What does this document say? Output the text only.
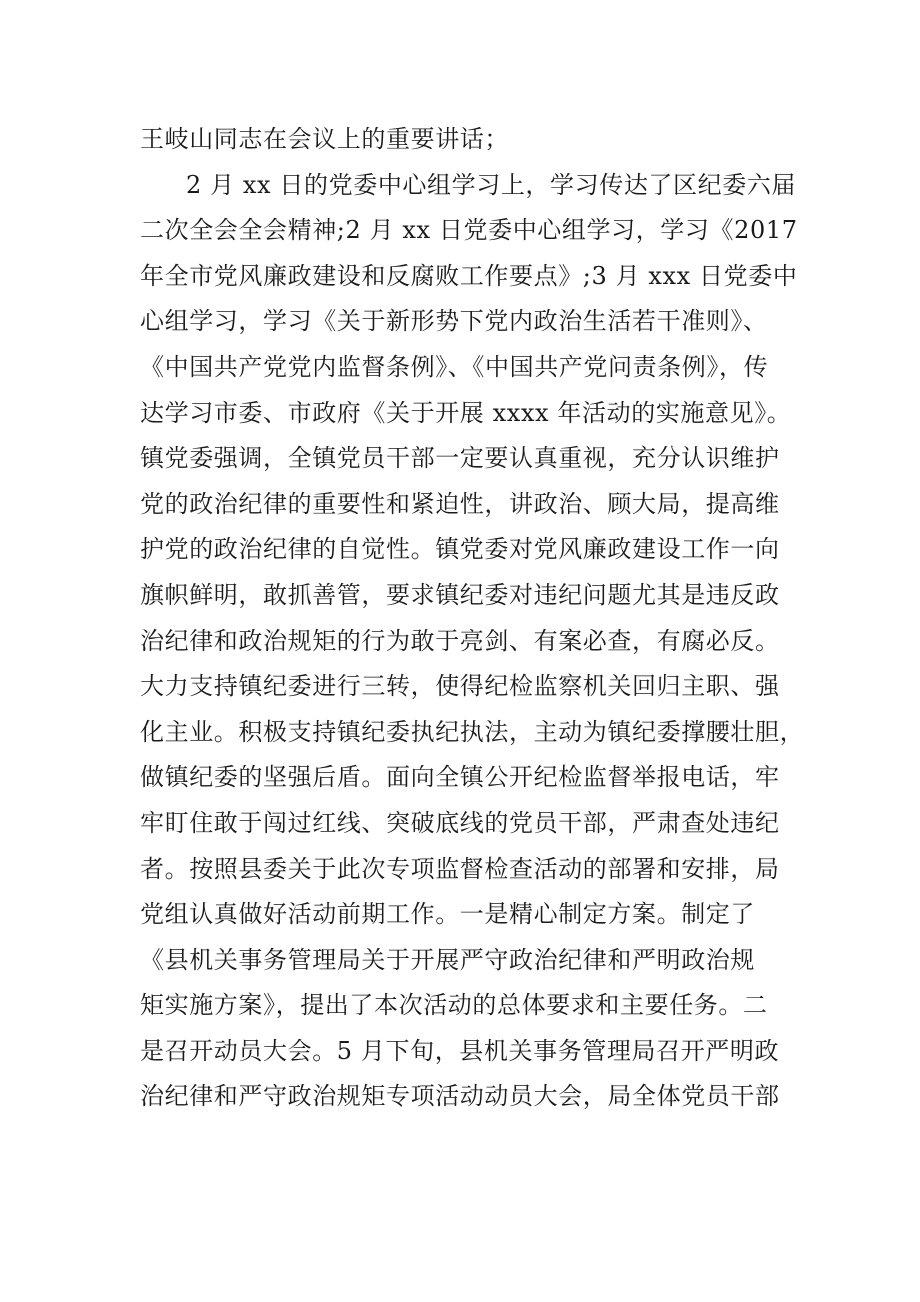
王岐山同志在会议上的重要讲话；
2 月 xx 日的党委中心组学习上，学习传达了区纪委六届
二次全会全会精神;2 月 xx 日党委中心组学习，学习《2017
年全市党风廉政建设和反腐败工作要点》;3 月 xxx 日党委中
心组学习，学习《关于新形势下党内政治生活若干准则》、
《中国共产党党内监督条例》、《中国共产党问责条例》，传
达学习市委、市政府《关于开展 xxxx 年活动的实施意见》。
镇党委强调，全镇党员干部一定要认真重视，充分认识维护
党的政治纪律的重要性和紧迫性，讲政治、顾大局，提高维
护党的政治纪律的自觉性。镇党委对党风廉政建设工作一向
旗帜鲜明，敢抓善管，要求镇纪委对违纪问题尤其是违反政
治纪律和政治规矩的行为敢于亮剑、有案必查，有腐必反。
大力支持镇纪委进行三转，使得纪检监察机关回归主职、强
化主业。积极支持镇纪委执纪执法，主动为镇纪委撑腰壮胆，
做镇纪委的坚强后盾。面向全镇公开纪检监督举报电话，牢
牢盯住敢于闯过红线、突破底线的党员干部，严肃查处违纪
者。按照县委关于此次专项监督检查活动的部署和安排，局
党组认真做好活动前期工作。一是精心制定方案。制定了
《县机关事务管理局关于开展严守政治纪律和严明政治规
矩实施方案》，提出了本次活动的总体要求和主要任务。二
是召开动员大会。5 月下旬，县机关事务管理局召开严明政
治纪律和严守政治规矩专项活动动员大会，局全体党员干部
